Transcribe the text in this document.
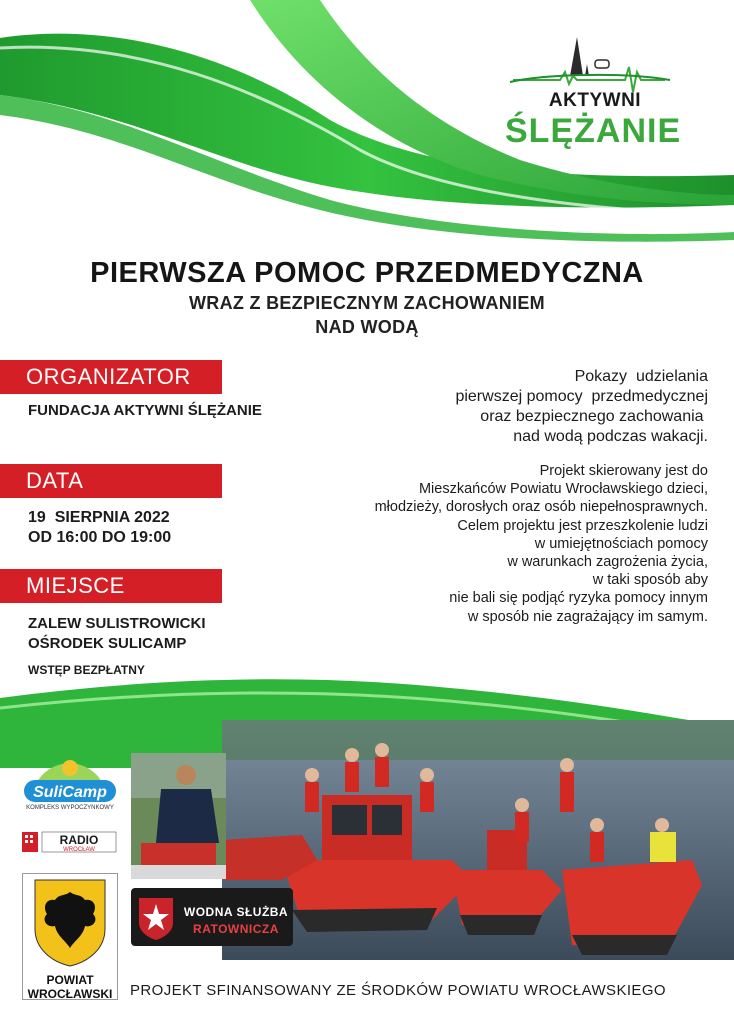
AKTYWNI
ŚLĘŻANIE
PIERWSZA POMOC PRZEDMEDYCZNA
WRAZ Z BEZPIECZNYM ZACHOWANIEM
NAD WODĄ
ORGANIZATOR
FUNDACJA AKTYWNI ŚLĘŻANIE
DATA
19  SIERPNIA 2022
OD 16:00 DO 19:00
MIEJSCE
ZALEW SULISTROWICKI
OŚRODEK SULICAMP
WSTĘP BEZPŁATNY
Pokazy  udzielania
pierwszej pomocy  przedmedycznej
oraz bezpiecznego zachowania
nad wodą podczas wakacji.
Projekt skierowany jest do
Mieszkańców Powiatu Wrocławskiego dzieci,
młodzieży, dorosłych oraz osób niepełnosprawnych.
Celem projektu jest przeszkolenie ludzi
w umiejętnościach pomocy
w warunkach zagrożenia życia,
w taki sposób aby
nie bali się podjąć ryzyka pomocy innym
w sposób nie zagrażający im samym.
SuliCamp
KOMPLEKS WYPOCZYNKOWY
RADIO
WROCŁAW
POWIAT
WROCŁAWSKI
WODNA SŁUŻBA
RATOWNICZA
PROJEKT SFINANSOWANY ZE ŚRODKÓW POWIATU WROCŁAWSKIEGO
